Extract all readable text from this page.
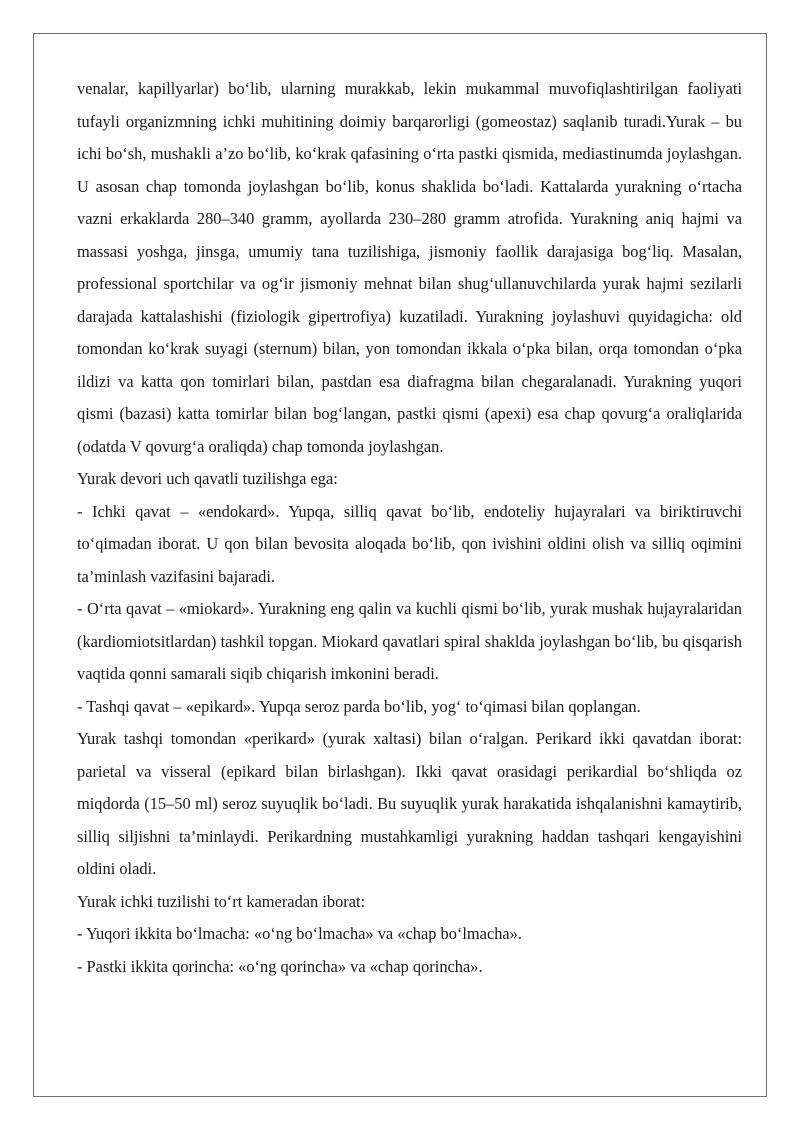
venalar, kapillyarlar) bo‘lib, ularning murakkab, lekin mukammal muvofiqlashtirilgan faoliyati tufayli organizmning ichki muhitining doimiy barqarorligi (gomeostaz) saqlanib turadi.Yurak – bu ichi bo‘sh, mushakli a’zo bo‘lib, ko‘krak qafasining o‘rta pastki qismida, mediastinumda joylashgan. U asosan chap tomonda joylashgan bo‘lib, konus shaklida bo‘ladi. Kattalarda yurakning o‘rtacha vazni erkaklarda 280–340 gramm, ayollarda 230–280 gramm atrofida. Yurakning aniq hajmi va massasi yoshga, jinsga, umumiy tana tuzilishiga, jismoniy faollik darajasiga bog‘liq. Masalan, professional sportchilar va og‘ir jismoniy mehnat bilan shug‘ullanuvchilarda yurak hajmi sezilarli darajada kattalashishi (fiziologik gipertrofiya) kuzatiladi. Yurakning joylashuvi quyidagicha: old tomondan ko‘krak suyagi (sternum) bilan, yon tomondan ikkala o‘pka bilan, orqa tomondan o‘pka ildizi va katta qon tomirlari bilan, pastdan esa diafragma bilan chegaralanadi. Yurakning yuqori qismi (bazasi) katta tomirlar bilan bog‘langan, pastki qismi (apexi) esa chap qovurg‘a oraliqlarida (odatda V qovurg‘a oraliqda) chap tomonda joylashgan.

Yurak devori uch qavatli tuzilishga ega:

- Ichki qavat – «endokard». Yupqa, silliq qavat bo‘lib, endoteliy hujayralari va biriktiruvchi to‘qimadan iborat. U qon bilan bevosita aloqada bo‘lib, qon ivishini oldini olish va silliq oqimini ta’minlash vazifasini bajaradi.

- O‘rta qavat – «miokard». Yurakning eng qalin va kuchli qismi bo‘lib, yurak mushak hujayralaridan (kardiomiotsitlardan) tashkil topgan. Miokard qavatlari spiral shaklda joylashgan bo‘lib, bu qisqarish vaqtida qonni samarali siqib chiqarish imkonini beradi.

- Tashqi qavat – «epikard». Yupqa seroz parda bo‘lib, yog‘ to‘qimasi bilan qoplangan.

Yurak tashqi tomondan «perikard» (yurak xaltasi) bilan o‘ralgan. Perikard ikki qavatdan iborat: parietal va visseral (epikard bilan birlashgan). Ikki qavat orasidagi perikardial bo‘shliqda oz miqdorda (15–50 ml) seroz suyuqlik bo‘ladi. Bu suyuqlik yurak harakatida ishqalanishni kamaytirib, silliq siljishni ta’minlaydi. Perikardning mustahkamligi yurakning haddan tashqari kengayishini oldini oladi.

Yurak ichki tuzilishi to‘rt kameradan iborat:

- Yuqori ikkita bo‘lmacha: «o‘ng bo‘lmacha» va «chap bo‘lmacha».

- Pastki ikkita qorincha: «o‘ng qorincha» va «chap qorincha».
